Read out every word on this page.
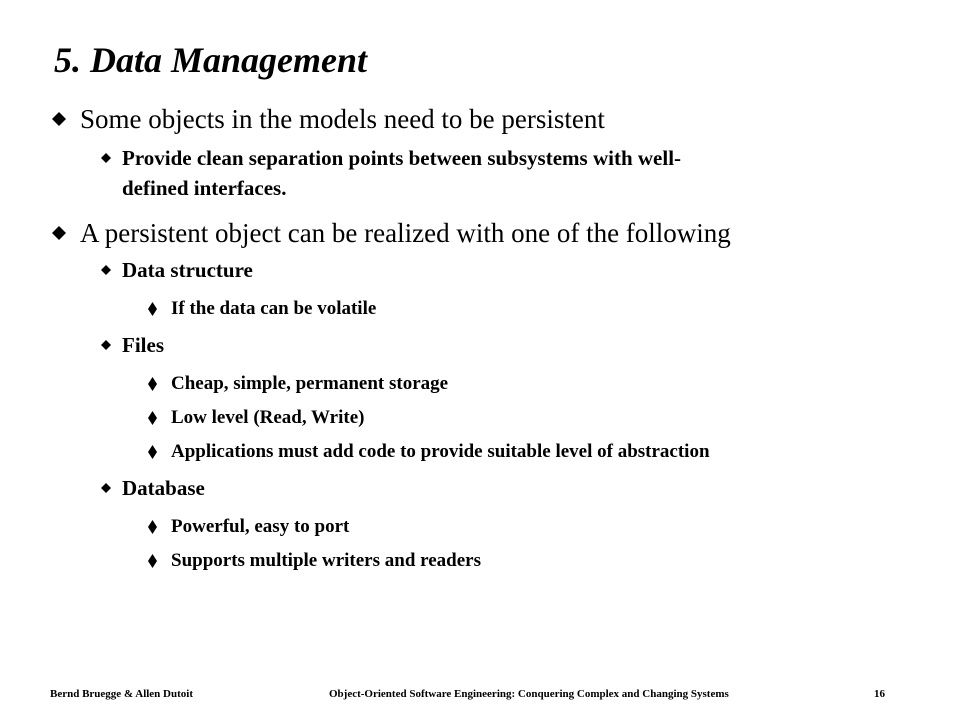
5. Data Management
Some objects in the models need to be persistent
Provide clean separation points between subsystems with well-
defined interfaces.
A persistent object can be realized with one of the following
Data structure
If the data can be volatile
Files
Cheap, simple, permanent storage
Low level (Read, Write)
Applications must add code to provide suitable level of abstraction
Database
Powerful, easy to port
Supports multiple writers and readers
Bernd Bruegge & Allen Dutoit	Object-Oriented Software Engineering: Conquering Complex and Changing Systems	16
